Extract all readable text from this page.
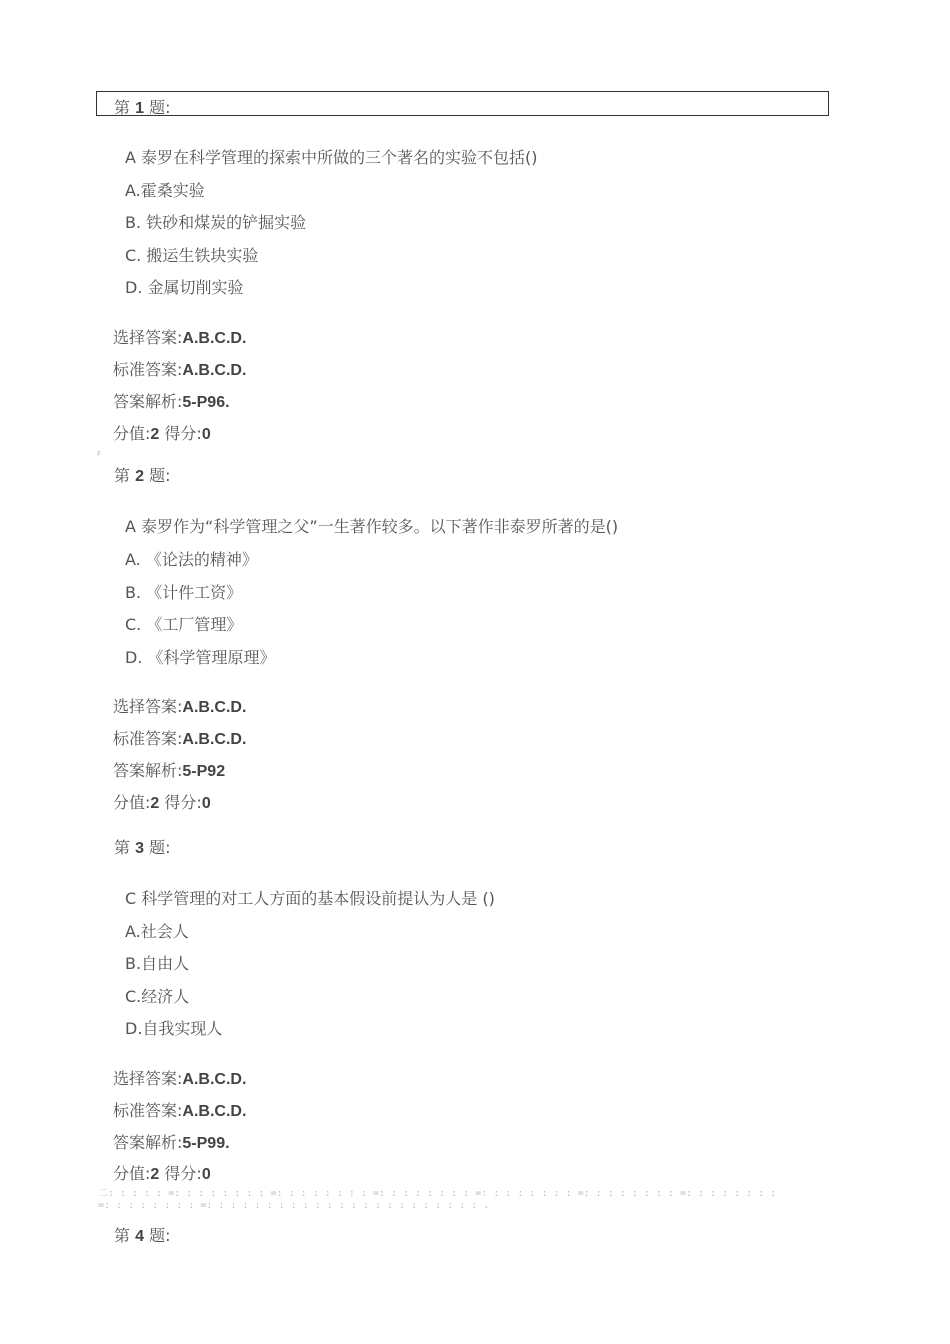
第 1 题:
A 泰罗在科学管理的探索中所做的三个著名的实验不包括()
A.霍桑实验
B. 铁砂和煤炭的铲掘实验
C. 搬运生铁块实验
D. 金属切削实验
选择答案:A.B.C.D.
标准答案:A.B.C.D.
答案解析:5-P96.
分值:2 得分:0
F
第 2 题:
A 泰罗作为“科学管理之父”一生著作较多。以下著作非泰罗所著的是()
A. 《论法的精神》
B. 《计件工资》
C. 《工厂管理》
D. 《科学管理原理》
选择答案:A.B.C.D.
标准答案:A.B.C.D.
答案解析:5-P92
分值:2 得分:0
第 3 题:
C 科学管理的对工人方面的基本假设前提认为人是 ()
A.社会人
B.自由人
C.经济人
D.自我实现人
选择答案:A.B.C.D.
标准答案:A.B.C.D.
答案解析:5-P99.
分值:2 得分:0
二: : : : : =: : : : : : : : =: : : : : : : : =: : : : : : : : =: : : : : : : : =: : : : : : : : =: : : : : : : :
=: : : : : : : : =: : : : : : : : : : : : : : : : : : : : : : : .
第 4 题:
